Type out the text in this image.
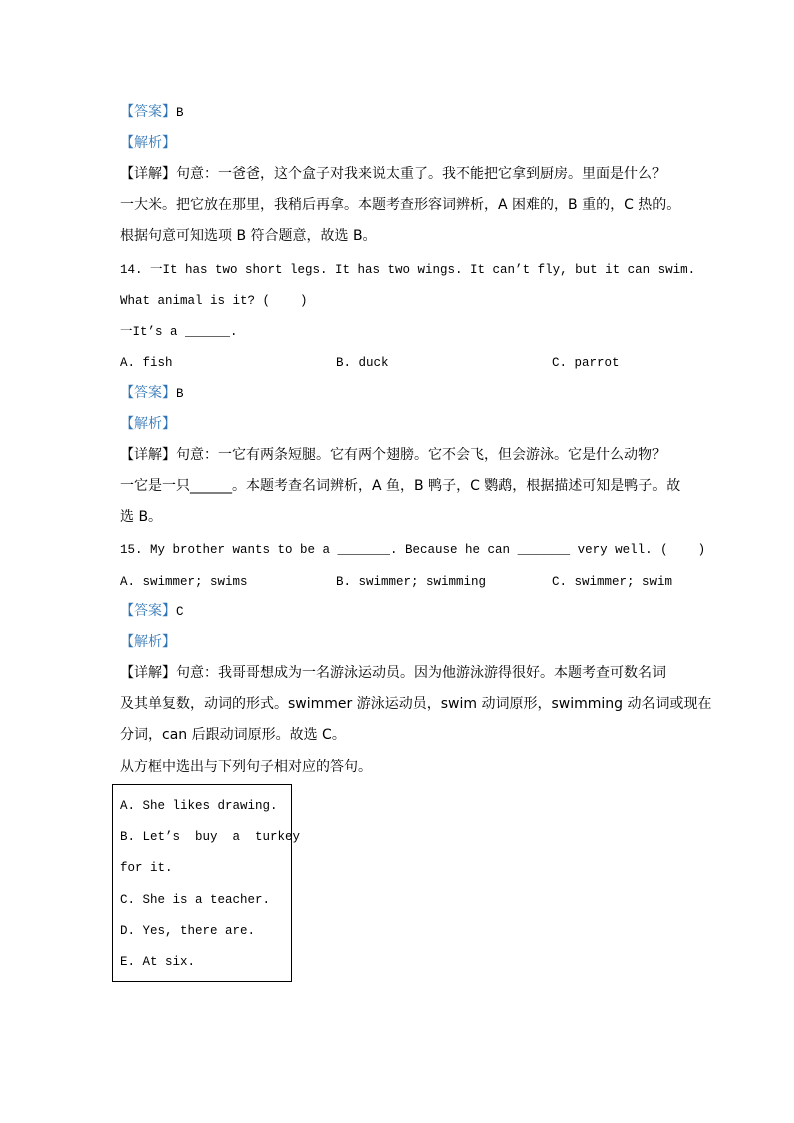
【答案】B
【解析】
【详解】句意：一爸爸，这个盒子对我来说太重了。我不能把它拿到厨房。里面是什么？
一大米。把它放在那里，我稍后再拿。本题考查形容词辨析，A 困难的，B 重的，C 热的。
根据句意可知选项 B 符合题意，故选 B。
14. 一It has two short legs. It has two wings. It can’t fly, but it can swim.
What animal is it? (    )
一It’s a ______.
A. fish	B. duck	C. parrot
【答案】B
【解析】
【详解】句意：一它有两条短腿。它有两个翅膀。它不会飞，但会游泳。它是什么动物？
一它是一只______。本题考查名词辨析，A 鱼，B 鸭子，C 鹦鹉，根据描述可知是鸭子。故
选 B。
15. My brother wants to be a _______. Because he can _______ very well. (    )
A. swimmer; swims	B. swimmer; swimming	C. swimmer; swim
【答案】C
【解析】
【详解】句意：我哥哥想成为一名游泳运动员。因为他游泳游得很好。本题考查可数名词
及其单复数，动词的形式。swimmer 游泳运动员，swim 动词原形，swimming 动名词或现在
分词，can 后跟动词原形。故选 C。
从方框中选出与下列句子相对应的答句。
A. She likes drawing.
B. Let’s  buy  a  turkey
for it.
C. She is a teacher.
D. Yes, there are.
E. At six.
